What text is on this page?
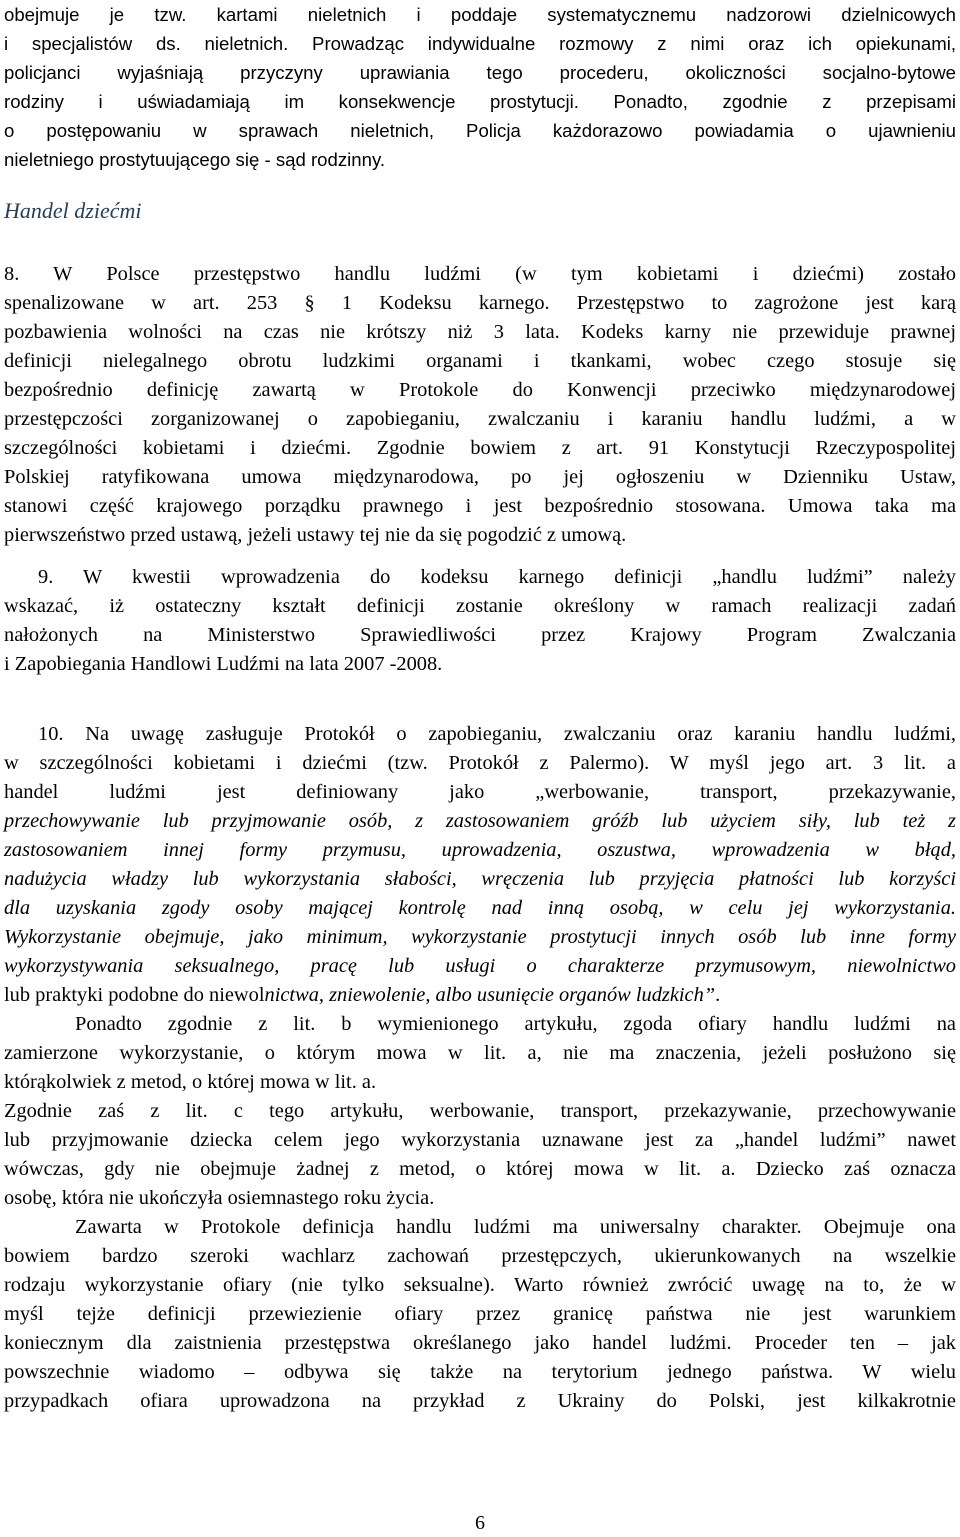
obejmuje je tzw. kartami nieletnich i poddaje systematycznemu nadzorowi dzielnicowych
i specjalistów ds. nieletnich. Prowadząc indywidualne rozmowy z nimi oraz ich opiekunami,
policjanci wyjaśniają przyczyny uprawiania tego procederu, okoliczności socjalno-bytowe
rodziny i uświadamiają im konsekwencje prostytucji. Ponadto, zgodnie z przepisami
o postępowaniu w sprawach nieletnich, Policja każdorazowo powiadamia o ujawnieniu
nieletniego prostytuującego się - sąd rodzinny.
Handel dziećmi
8. W Polsce przestępstwo handlu ludźmi (w tym kobietami i dziećmi) zostało
spenalizowane w art. 253 § 1 Kodeksu karnego. Przestępstwo to zagrożone jest karą
pozbawienia wolności na czas nie krótszy niż 3 lata. Kodeks karny nie przewiduje prawnej
definicji nielegalnego obrotu ludzkimi organami i tkankami, wobec czego stosuje się
bezpośrednio definicję zawartą w Protokole do Konwencji przeciwko międzynarodowej
przestępczości zorganizowanej o zapobieganiu, zwalczaniu i karaniu handlu ludźmi, a w
szczególności kobietami i dziećmi. Zgodnie bowiem z art. 91 Konstytucji Rzeczypospolitej
Polskiej ratyfikowana umowa międzynarodowa, po jej ogłoszeniu w Dzienniku Ustaw,
stanowi część krajowego porządku prawnego i jest bezpośrednio stosowana. Umowa taka ma
pierwszeństwo przed ustawą, jeżeli ustawy tej nie da się pogodzić z umową.
9. W kwestii wprowadzenia do kodeksu karnego definicji „handlu ludźmi” należy
wskazać, iż ostateczny kształt definicji zostanie określony w ramach realizacji zadań
nałożonych na Ministerstwo Sprawiedliwości przez Krajowy Program Zwalczania
i Zapobiegania Handlowi Ludźmi na lata 2007 -2008.
10. Na uwagę zasługuje Protokół o zapobieganiu, zwalczaniu oraz karaniu handlu ludźmi,
w szczególności kobietami i dziećmi (tzw. Protokół z Palermo). W myśl jego art. 3 lit. a
handel ludźmi jest definiowany jako „werbowanie, transport, przekazywanie,
przechowywanie lub przyjmowanie osób, z zastosowaniem gróźb lub użyciem siły, lub też z
zastosowaniem innej formy przymusu, uprowadzenia, oszustwa, wprowadzenia w błąd,
nadużycia władzy lub wykorzystania słabości, wręczenia lub przyjęcia płatności lub korzyści
dla uzyskania zgody osoby mającej kontrolę nad inną osobą, w celu jej wykorzystania.
Wykorzystanie obejmuje, jako minimum, wykorzystanie prostytucji innych osób lub inne formy
wykorzystywania seksualnego, pracę lub usługi o charakterze przymusowym, niewolnictwo
lub praktyki podobne do niewolnictwa, zniewolenie, albo usunięcie organów ludzkich”.
Ponadto zgodnie z lit. b wymienionego artykułu, zgoda ofiary handlu ludźmi na
zamierzone wykorzystanie, o którym mowa w lit. a, nie ma znaczenia, jeżeli posłużono się
którąkolwiek z metod, o której mowa w lit. a.
Zgodnie zaś z lit. c tego artykułu, werbowanie, transport, przekazywanie, przechowywanie
lub przyjmowanie dziecka celem jego wykorzystania uznawane jest za „handel ludźmi” nawet
wówczas, gdy nie obejmuje żadnej z metod, o której mowa w lit. a. Dziecko zaś oznacza
osobę, która nie ukończyła osiemnastego roku życia.
Zawarta w Protokole definicja handlu ludźmi ma uniwersalny charakter. Obejmuje ona
bowiem bardzo szeroki wachlarz zachowań przestępczych, ukierunkowanych na wszelkie
rodzaju wykorzystanie ofiary (nie tylko seksualne). Warto również zwrócić uwagę na to, że w
myśl tejże definicji przewiezienie ofiary przez granicę państwa nie jest warunkiem
koniecznym dla zaistnienia przestępstwa określanego jako handel ludźmi. Proceder ten – jak
powszechnie wiadomo – odbywa się także na terytorium jednego państwa. W wielu
przypadkach ofiara uprowadzona na przykład z Ukrainy do Polski, jest kilkakrotnie
6
